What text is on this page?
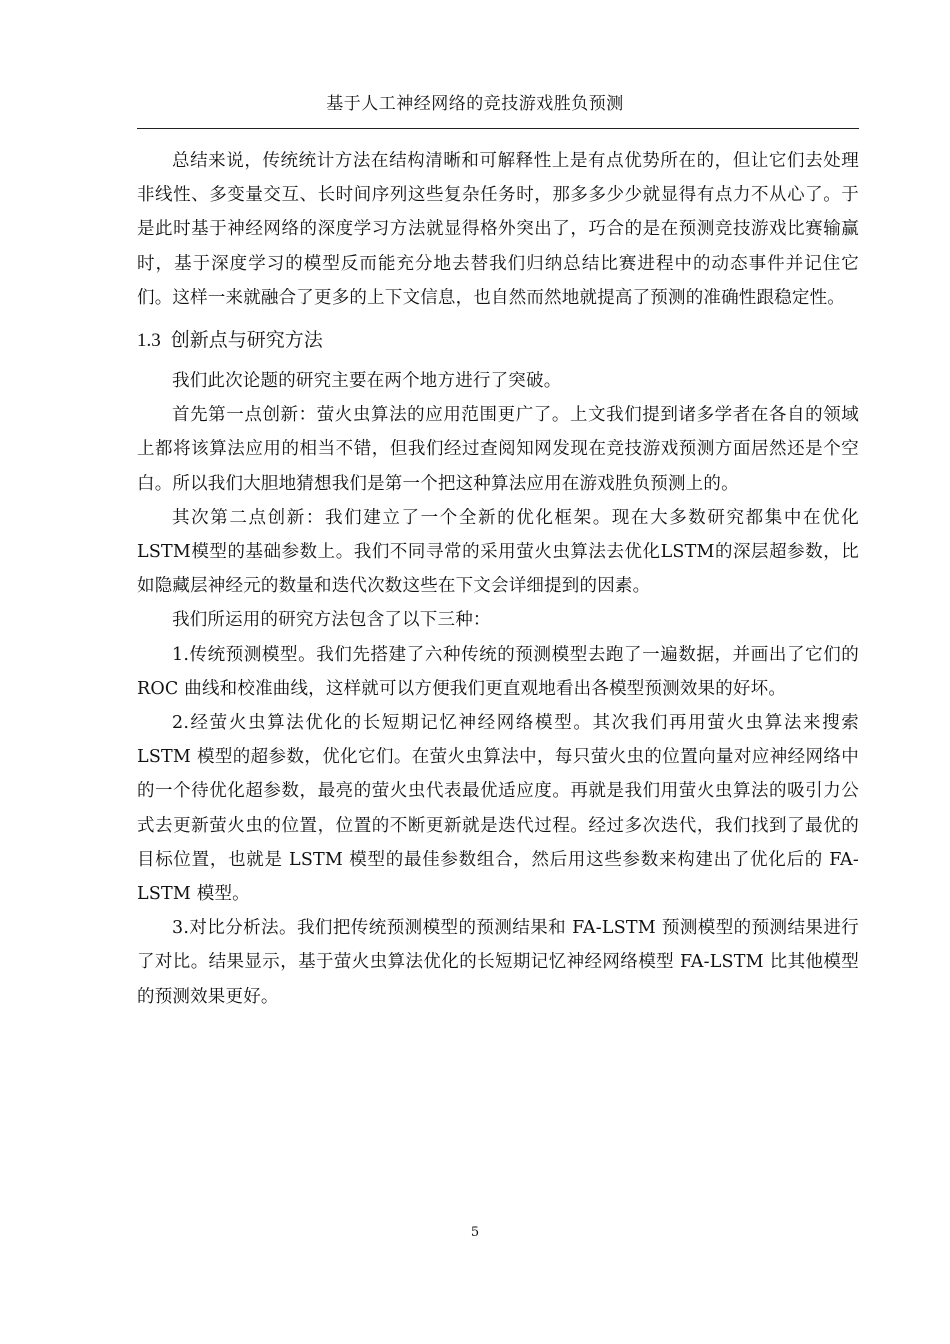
基于人工神经网络的竞技游戏胜负预测

总结来说，传统统计方法在结构清晰和可解释性上是有点优势所在的，但让它们去处理非线性、多变量交互、长时间序列这些复杂任务时，那多多少少就显得有点力不从心了。于是此时基于神经网络的深度学习方法就显得格外突出了，巧合的是在预测竞技游戏比赛输赢时，基于深度学习的模型反而能充分地去替我们归纳总结比赛进程中的动态事件并记住它们。这样一来就融合了更多的上下文信息，也自然而然地就提高了预测的准确性跟稳定性。

1.3 创新点与研究方法

我们此次论题的研究主要在两个地方进行了突破。

首先第一点创新：萤火虫算法的应用范围更广了。上文我们提到诸多学者在各自的领域上都将该算法应用的相当不错，但我们经过查阅知网发现在竞技游戏预测方面居然还是个空白。所以我们大胆地猜想我们是第一个把这种算法应用在游戏胜负预测上的。

其次第二点创新：我们建立了一个全新的优化框架。现在大多数研究都集中在优化LSTM模型的基础参数上。我们不同寻常的采用萤火虫算法去优化LSTM的深层超参数，比如隐藏层神经元的数量和迭代次数这些在下文会详细提到的因素。

我们所运用的研究方法包含了以下三种：

1.传统预测模型。我们先搭建了六种传统的预测模型去跑了一遍数据，并画出了它们的 ROC 曲线和校准曲线，这样就可以方便我们更直观地看出各模型预测效果的好坏。

2.经萤火虫算法优化的长短期记忆神经网络模型。其次我们再用萤火虫算法来搜索 LSTM 模型的超参数，优化它们。在萤火虫算法中，每只萤火虫的位置向量对应神经网络中的一个待优化超参数，最亮的萤火虫代表最优适应度。再就是我们用萤火虫算法的吸引力公式去更新萤火虫的位置，位置的不断更新就是迭代过程。经过多次迭代，我们找到了最优的目标位置，也就是 LSTM 模型的最佳参数组合，然后用这些参数来构建出了优化后的 FA-LSTM 模型。

3.对比分析法。我们把传统预测模型的预测结果和 FA-LSTM 预测模型的预测结果进行了对比。结果显示，基于萤火虫算法优化的长短期记忆神经网络模型 FA-LSTM 比其他模型的预测效果更好。

5
